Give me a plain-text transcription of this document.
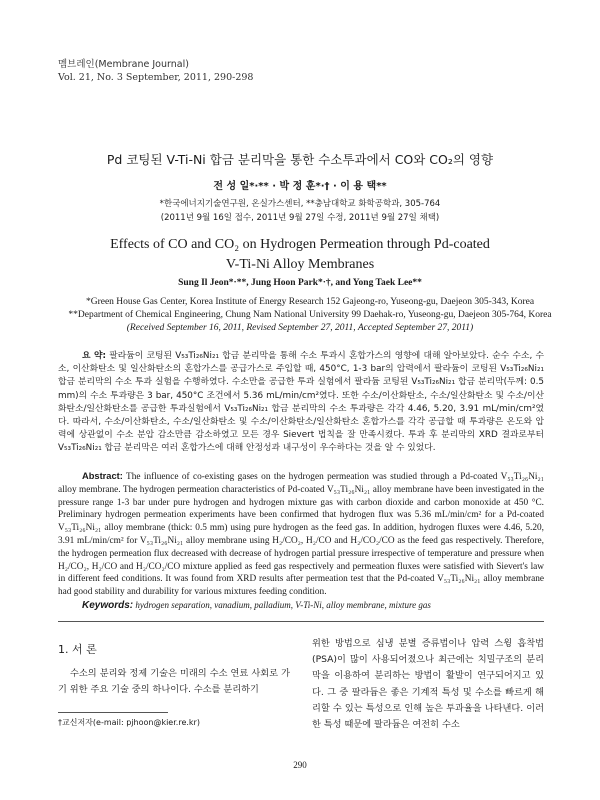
멤브레인(Membrane Journal)
Vol. 21, No. 3 September, 2011, 290-298
Pd 코팅된 V-Ti-Ni 합금 분리막을 통한 수소투과에서 CO와 CO₂의 영향
전 성 일*·** · 박 정 훈*·† · 이 용 택**
*한국에너지기술연구원, 온실가스센터, **충남대학교 화학공학과, 305-764
(2011년 9월 16일 접수, 2011년 9월 27일 수정, 2011년 9월 27일 채택)
Effects of CO and CO₂ on Hydrogen Permeation through Pd-coated
V-Ti-Ni Alloy Membranes
Sung Il Jeon*·**, Jung Hoon Park*·†, and Yong Taek Lee**
*Green House Gas Center, Korea Institute of Energy Research 152 Gajeong-ro, Yuseong-gu, Daejeon 305-343, Korea
**Department of Chemical Engineering, Chung Nam National University 99 Daehak-ro, Yuseong-gu, Daejeon 305-764, Korea
(Received September 16, 2011, Revised September 27, 2011, Accepted September 27, 2011)
요 약: 팔라듐이 코팅된 V₅₃Ti₂₆Ni₂₁ 합금 분리막을 통해 수소 투과시 혼합가스의 영향에 대해 알아보았다. 순수 수소, 수소, 이산화탄소 및 일산화탄소의 혼합가스를 공급가스로 주입할 때, 450°C, 1-3 bar의 압력에서 팔라듐이 코팅된 V₅₃Ti₂₆Ni₂₁ 합금 분리막의 수소 투과 실험을 수행하였다. 수소만을 공급한 투과 실험에서 팔라듐 코팅된 V₅₃Ti₂₆Ni₂₁ 합금 분리막(두께: 0.5 mm)의 수소 투과량은 3 bar, 450°C 조건에서 5.36 mL/min/cm²였다. 또한 수소/이산화탄소, 수소/일산화탄소 및 수소/이산화탄소/일산화탄소를 공급한 투과실험에서 V₅₃Ti₂₆Ni₂₁ 합금 분리막의 수소 투과량은 각각 4.46, 5.20, 3.91 mL/min/cm²였다. 따라서, 수소/이산화탄소, 수소/일산화탄소 및 수소/이산화탄소/일산화탄소 혼합가스를 각각 공급할 때 투과량은 온도와 압력에 상관없이 수소 분압 감소만큼 감소하였고 모든 경우 Sievert 법칙을 잘 만족시켰다. 투과 후 분리막의 XRD 결과로부터 V₅₃Ti₂₆Ni₂₁ 합금 분리막은 여러 혼합가스에 대해 안정성과 내구성이 우수하다는 것을 알 수 있었다.
Abstract: The influence of co-existing gases on the hydrogen permeation was studied through a Pd-coated V₅₃Ti₂₆Ni₂₁ alloy membrane. The hydrogen permeation characteristics of Pd-coated V₅₃Ti₂₆Ni₂₁ alloy membrane have been investigated in the pressure range 1-3 bar under pure hydrogen and hydrogen mixture gas with carbon dioxide and carbon monoxide at 450 °C. Preliminary hydrogen permeation experiments have been confirmed that hydrogen flux was 5.36 mL/min/cm² for a Pd-coated V₅₃Ti₂₆Ni₂₁ alloy membrane (thick: 0.5 mm) using pure hydrogen as the feed gas. In addition, hydrogen fluxes were 4.46, 5.20, 3.91 mL/min/cm² for V₅₃Ti₂₆Ni₂₁ alloy membrane using H₂/CO₂, H₂/CO and H₂/CO₂/CO as the feed gas respectively. Therefore, the hydrogen permeation flux decreased with decrease of hydrogen partial pressure irrespective of temperature and pressure when H₂/CO₂, H₂/CO and H₂/CO₂/CO mixture applied as feed gas respectively and permeation fluxes were satisfied with Sievert's law in different feed conditions. It was found from XRD results after permeation test that the Pd-coated V₅₃Ti₂₆Ni₂₁ alloy membrane had good stability and durability for various mixtures feeding condition.
Keywords: hydrogen separation, vanadium, palladium, V-Ti-Ni, alloy membrane, mixture gas
1. 서 론
수소의 분리와 정제 기술은 미래의 수소 연료 사회로 가기 위한 주요 기술 중의 하나이다. 수소를 분리하기
위한 방법으로 심냉 분별 증류법이나 압력 스윙 흡착법(PSA)이 많이 사용되어졌으나 최근에는 치밀구조의 분리막을 이용하여 분리하는 방법이 활발이 연구되어지고 있다. 그 중 팔라듐은 좋은 기계적 특성 및 수소를 빠르게 해리할 수 있는 특성으로 인해 높은 투과율을 나타낸다. 이러한 특성 때문에 팔라듐은 여전히 수소
†교신저자(e-mail: pjhoon@kier.re.kr)
290
